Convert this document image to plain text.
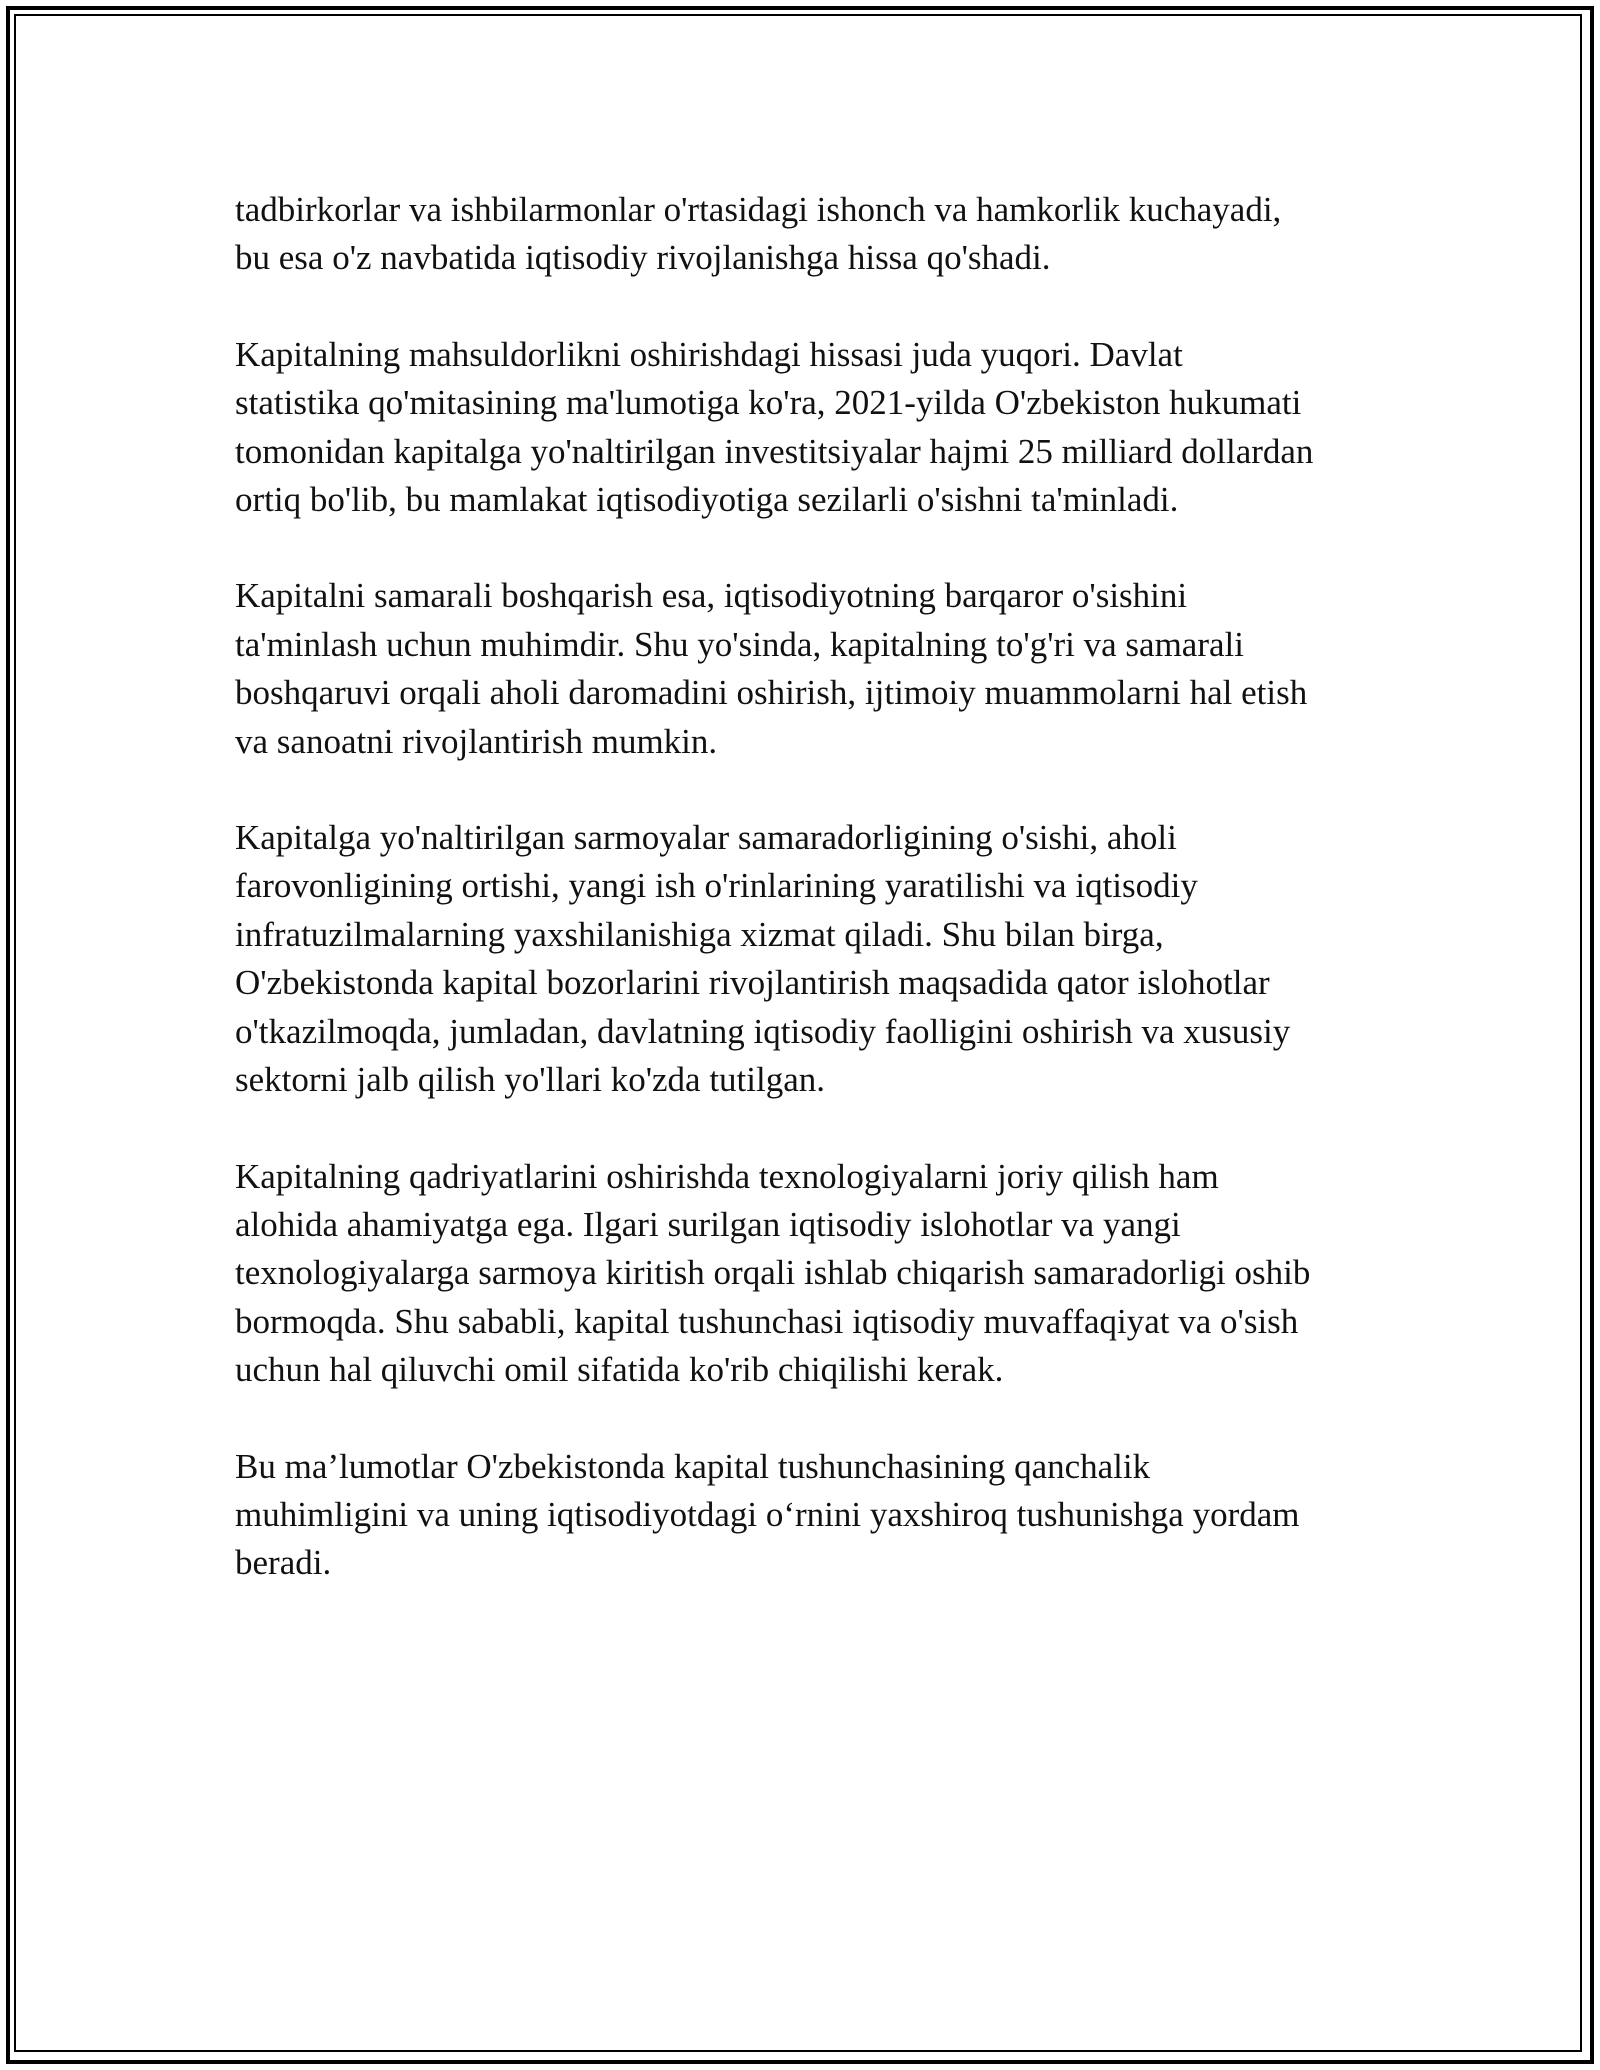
tadbirkorlar va ishbilarmonlar o'rtasidagi ishonch va hamkorlik kuchayadi,
bu esa o'z navbatida iqtisodiy rivojlanishga hissa qo'shadi.

Kapitalning mahsuldorlikni oshirishdagi hissasi juda yuqori. Davlat
statistika qo'mitasining ma'lumotiga ko'ra, 2021-yilda O'zbekiston hukumati
tomonidan kapitalga yo'naltirilgan investitsiyalar hajmi 25 milliard dollardan
ortiq bo'lib, bu mamlakat iqtisodiyotiga sezilarli o'sishni ta'minladi.

Kapitalni samarali boshqarish esa, iqtisodiyotning barqaror o'sishini
ta'minlash uchun muhimdir. Shu yo'sinda, kapitalning to'g'ri va samarali
boshqaruvi orqali aholi daromadini oshirish, ijtimoiy muammolarni hal etish
va sanoatni rivojlantirish mumkin.

Kapitalga yo'naltirilgan sarmoyalar samaradorligining o'sishi, aholi
farovonligining ortishi, yangi ish o'rinlarining yaratilishi va iqtisodiy
infratuzilmalarning yaxshilanishiga xizmat qiladi. Shu bilan birga,
O'zbekistonda kapital bozorlarini rivojlantirish maqsadida qator islohotlar
o'tkazilmoqda, jumladan, davlatning iqtisodiy faolligini oshirish va xususiy
sektorni jalb qilish yo'llari ko'zda tutilgan.

Kapitalning qadriyatlarini oshirishda texnologiyalarni joriy qilish ham
alohida ahamiyatga ega. Ilgari surilgan iqtisodiy islohotlar va yangi
texnologiyalarga sarmoya kiritish orqali ishlab chiqarish samaradorligi oshib
bormoqda. Shu sababli, kapital tushunchasi iqtisodiy muvaffaqiyat va o'sish
uchun hal qiluvchi omil sifatida ko'rib chiqilishi kerak.

Bu ma’lumotlar O'zbekistonda kapital tushunchasining qanchalik
muhimligini va uning iqtisodiyotdagi o‘rnini yaxshiroq tushunishga yordam
beradi.
